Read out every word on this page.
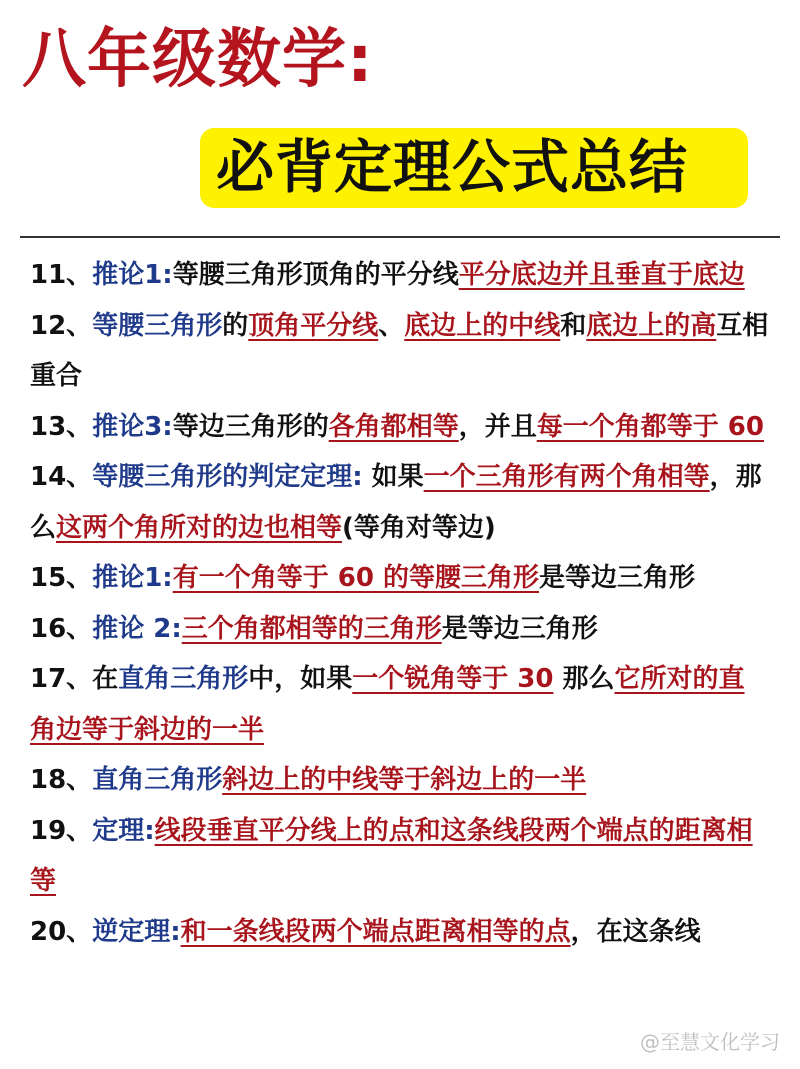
八年级数学:
必背定理公式总结
11、推论1:等腰三角形顶角的平分线平分底边并且垂直于底边
12、等腰三角形的顶角平分线、底边上的中线和底边上的高互相重合
13、推论3:等边三角形的各角都相等，并且每一个角都等于 60
14、等腰三角形的判定定理: 如果一个三角形有两个角相等，那么这两个角所对的边也相等(等角对等边)
15、推论1:有一个角等于 60 的等腰三角形是等边三角形
16、推论 2:三个角都相等的三角形是等边三角形
17、在直角三角形中，如果一个锐角等于 30 那么它所对的直角边等于斜边的一半
18、直角三角形斜边上的中线等于斜边上的一半
19、定理:线段垂直平分线上的点和这条线段两个端点的距离相等
20、逆定理:和一条线段两个端点距离相等的点，在这条线
@至慧文化学习
